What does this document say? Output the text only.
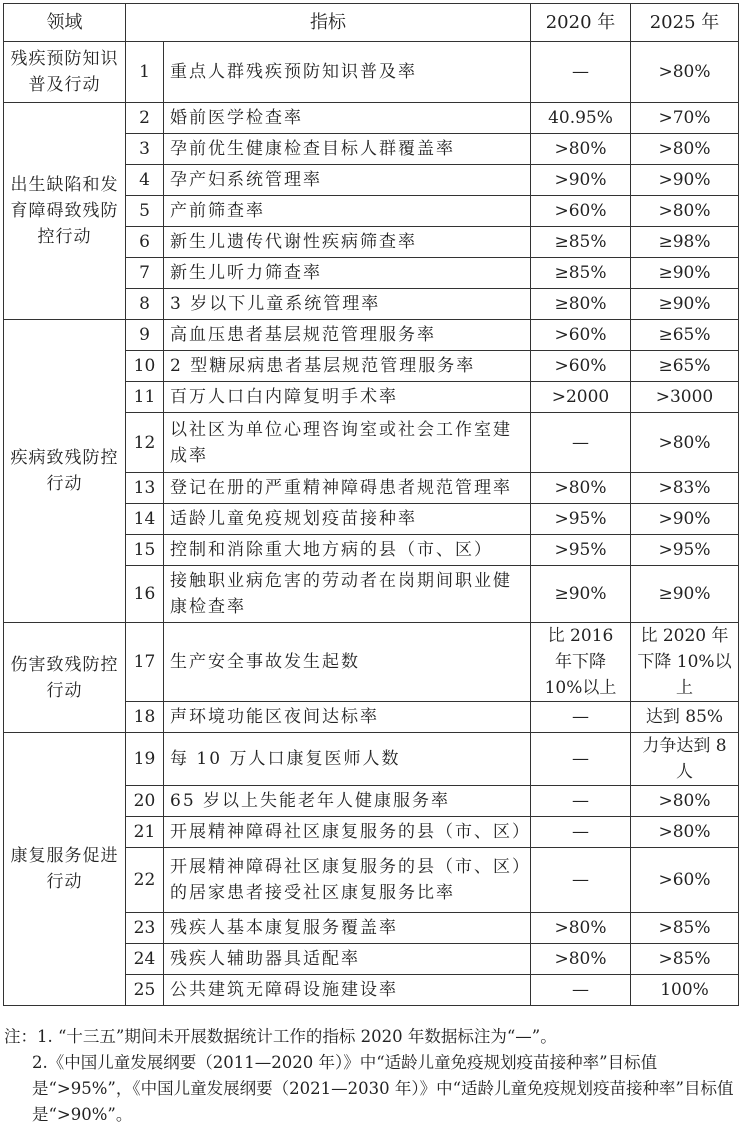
领域	指标		2020 年	2025 年
残疾预防知识普及行动	1	重点人群残疾预防知识普及率	—	>80%
出生缺陷和发育障碍致残防控行动	2	婚前医学检查率	40.95%	>70%
	3	孕前优生健康检查目标人群覆盖率	>80%	>80%
	4	孕产妇系统管理率	>90%	>90%
	5	产前筛查率	>60%	>80%
	6	新生儿遗传代谢性疾病筛查率	≥85%	≥98%
	7	新生儿听力筛查率	≥85%	≥90%
	8	3 岁以下儿童系统管理率	≥80%	≥90%
疾病致残防控行动	9	高血压患者基层规范管理服务率	>60%	≥65%
	10	2 型糖尿病患者基层规范管理服务率	>60%	≥65%
	11	百万人口白内障复明手术率	>2000	>3000
	12	以社区为单位心理咨询室或社会工作室建成率	—	>80%
	13	登记在册的严重精神障碍患者规范管理率	>80%	>83%
	14	适龄儿童免疫规划疫苗接种率	>95%	>90%
	15	控制和消除重大地方病的县（市、区）	>95%	>95%
	16	接触职业病危害的劳动者在岗期间职业健康检查率	≥90%	≥90%
伤害致残防控行动	17	生产安全事故发生起数	比 2016 年下降 10%以上	比 2020 年下降 10%以上
	18	声环境功能区夜间达标率	—	达到 85%
康复服务促进行动	19	每 10 万人口康复医师人数	—	力争达到 8 人
	20	65 岁以上失能老年人健康服务率	—	>80%
	21	开展精神障碍社区康复服务的县（市、区）	—	>80%
	22	开展精神障碍社区康复服务的县（市、区）的居家患者接受社区康复服务比率	—	>60%
	23	残疾人基本康复服务覆盖率	>80%	>85%
	24	残疾人辅助器具适配率	>80%	>85%
	25	公共建筑无障碍设施建设率	—	100%

注：1. “十三五”期间未开展数据统计工作的指标 2020 年数据标注为“—”。

2.《中国儿童发展纲要（2011—2020 年）》中“适龄儿童免疫规划疫苗接种率”目标值是“>95%”，《中国儿童发展纲要（2021—2030 年）》中“适龄儿童免疫规划疫苗接种率”目标值是“>90%”。
